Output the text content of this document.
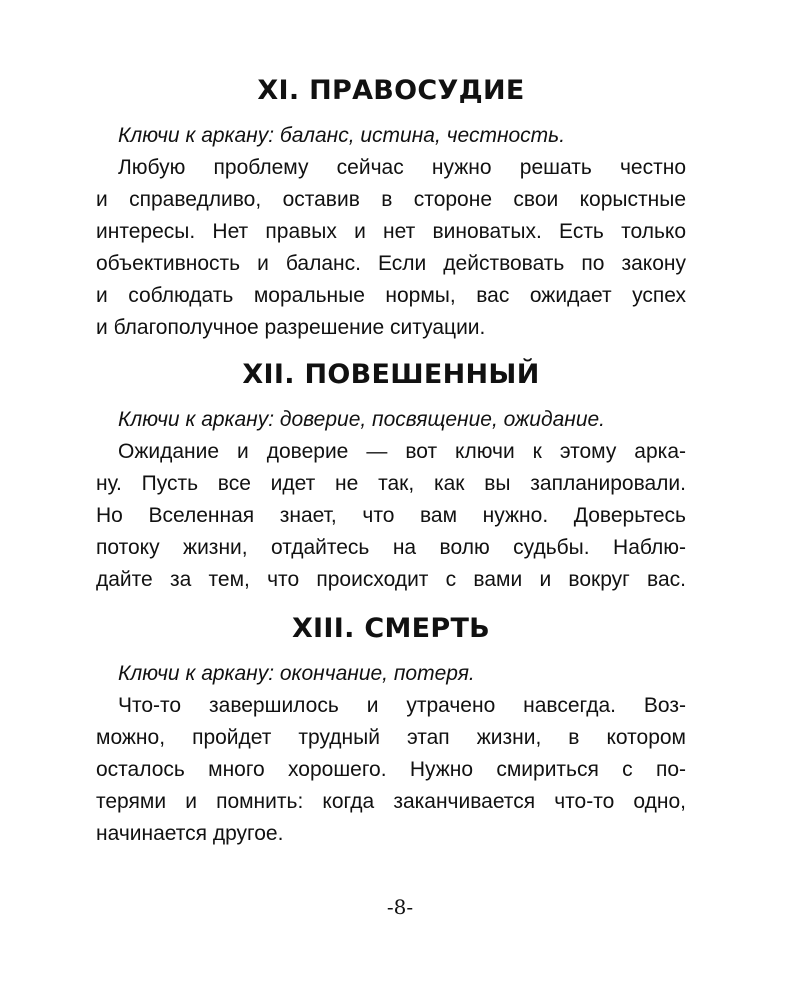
XI. ПРАВОСУДИЕ

Ключи к аркану: баланс, истина, честность.

Любую проблему сейчас нужно решать честно

и справедливо, оставив в стороне свои корыстные

интересы. Нет правых и нет виноватых. Есть только

объективность и баланс. Если действовать по закону

и соблюдать моральные нормы, вас ожидает успех

и благополучное разрешение ситуации.

XII. ПОВЕШЕННЫЙ

Ключи к аркану: доверие, посвящение, ожидание.

Ожидание и доверие — вот ключи к этому арка-

ну. Пусть все идет не так, как вы запланировали.

Но Вселенная знает, что вам нужно. Доверьтесь

потоку жизни, отдайтесь на волю судьбы. Наблю-

дайте за тем, что происходит с вами и вокруг вас.

XIII. СМЕРТЬ

Ключи к аркану: окончание, потеря.

Что-то завершилось и утрачено навсегда. Воз-

можно, пройдет трудный этап жизни, в котором

осталось много хорошего. Нужно смириться с по-

терями и помнить: когда заканчивается что-то одно,

начинается другое.

-8-
